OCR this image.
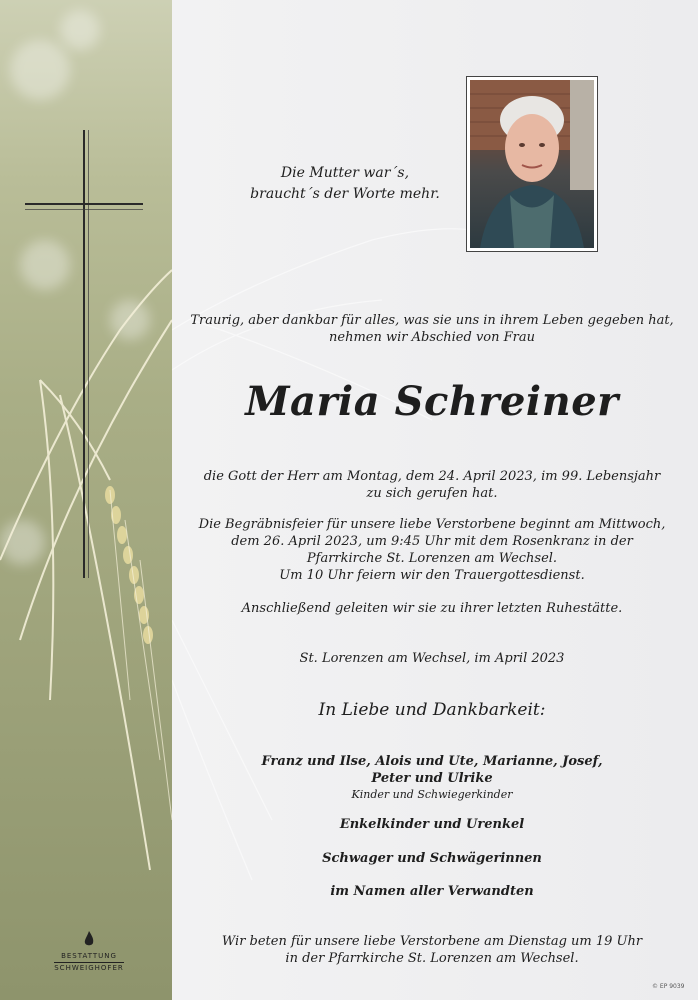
BESTATTUNG
SCHWEIGHOFER
Die Mutter war´s,
braucht´s der Worte mehr.
Traurig, aber dankbar für alles, was sie uns in ihrem Leben gegeben hat,
nehmen wir Abschied von Frau
Maria Schreiner
die Gott der Herr am Montag, dem 24. April 2023, im 99. Lebensjahr
zu sich gerufen hat.
Die Begräbnisfeier für unsere liebe Verstorbene beginnt am Mittwoch,
dem 26. April 2023, um 9:45 Uhr mit dem Rosenkranz in der
Pfarrkirche St. Lorenzen am Wechsel.
Um 10 Uhr feiern wir den Trauergottesdienst.
Anschließend geleiten wir sie zu ihrer letzten Ruhestätte.
St. Lorenzen am Wechsel, im April 2023
In Liebe und Dankbarkeit:
Franz und Ilse, Alois und Ute, Marianne, Josef,
Peter und Ulrike
Kinder und Schwiegerkinder
Enkelkinder und Urenkel
Schwager und Schwägerinnen
im Namen aller Verwandten
Wir beten für unsere liebe Verstorbene am Dienstag um 19 Uhr
in der Pfarrkirche St. Lorenzen am Wechsel.
© EP 9039
